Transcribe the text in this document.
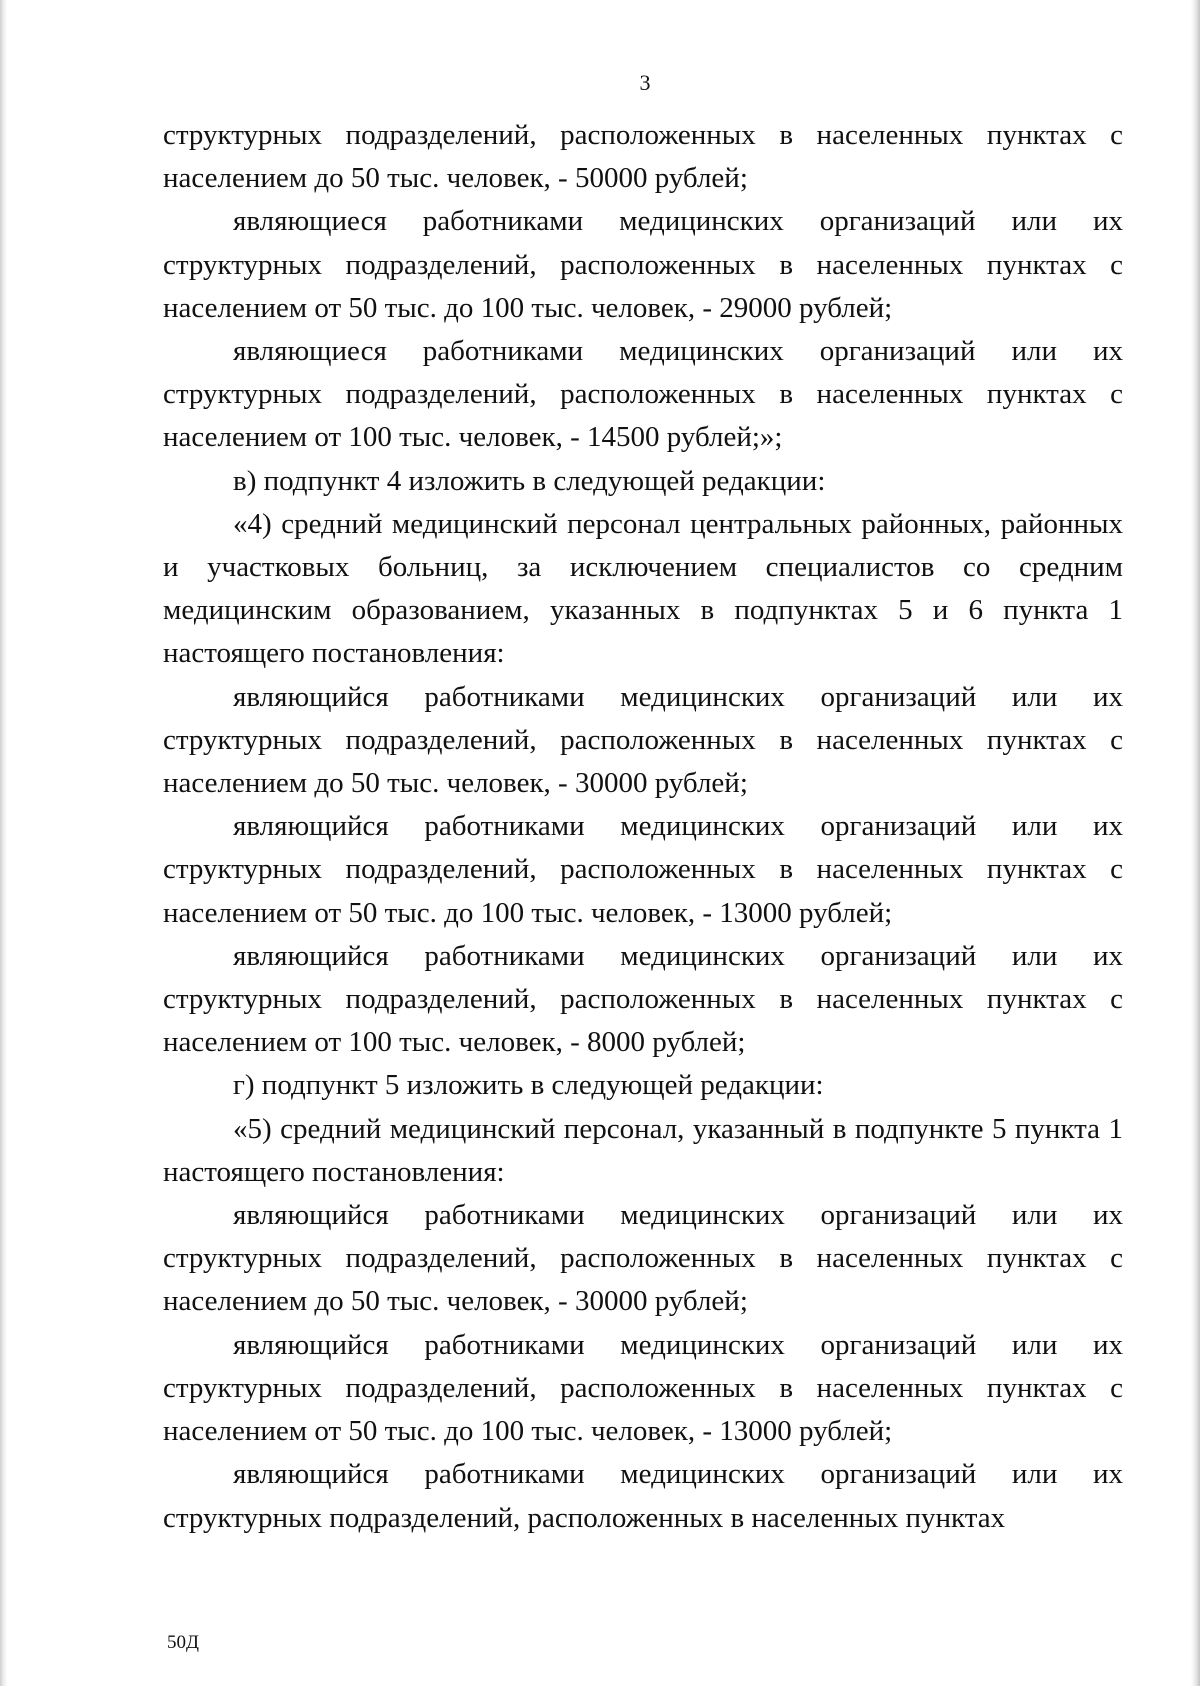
3

структурных подразделений, расположенных в населенных пунктах с населением до 50 тыс. человек, - 50000 рублей;

являющиеся работниками медицинских организаций или их структурных подразделений, расположенных в населенных пунктах с населением от 50 тыс. до 100 тыс. человек, - 29000 рублей;

являющиеся работниками медицинских организаций или их структурных подразделений, расположенных в населенных пунктах с населением от 100 тыс. человек, - 14500 рублей;»;

в) подпункт 4 изложить в следующей редакции:

«4) средний медицинский персонал центральных районных, районных и участковых больниц, за исключением специалистов со средним медицинским образованием, указанных в подпунктах 5 и 6 пункта 1 настоящего постановления:

являющийся работниками медицинских организаций или их структурных подразделений, расположенных в населенных пунктах с населением до 50 тыс. человек, - 30000 рублей;

являющийся работниками медицинских организаций или их структурных подразделений, расположенных в населенных пунктах с населением от 50 тыс. до 100 тыс. человек, - 13000 рублей;

являющийся работниками медицинских организаций или их структурных подразделений, расположенных в населенных пунктах с населением от 100 тыс. человек, - 8000 рублей;

г) подпункт 5 изложить в следующей редакции:

«5) средний медицинский персонал, указанный в подпункте 5 пункта 1 настоящего постановления:

являющийся работниками медицинских организаций или их структурных подразделений, расположенных в населенных пунктах с населением до 50 тыс. человек, - 30000 рублей;

являющийся работниками медицинских организаций или их структурных подразделений, расположенных в населенных пунктах с населением от 50 тыс. до 100 тыс. человек, - 13000 рублей;

являющийся работниками медицинских организаций или их структурных подразделений, расположенных в населенных пунктах

50Д
